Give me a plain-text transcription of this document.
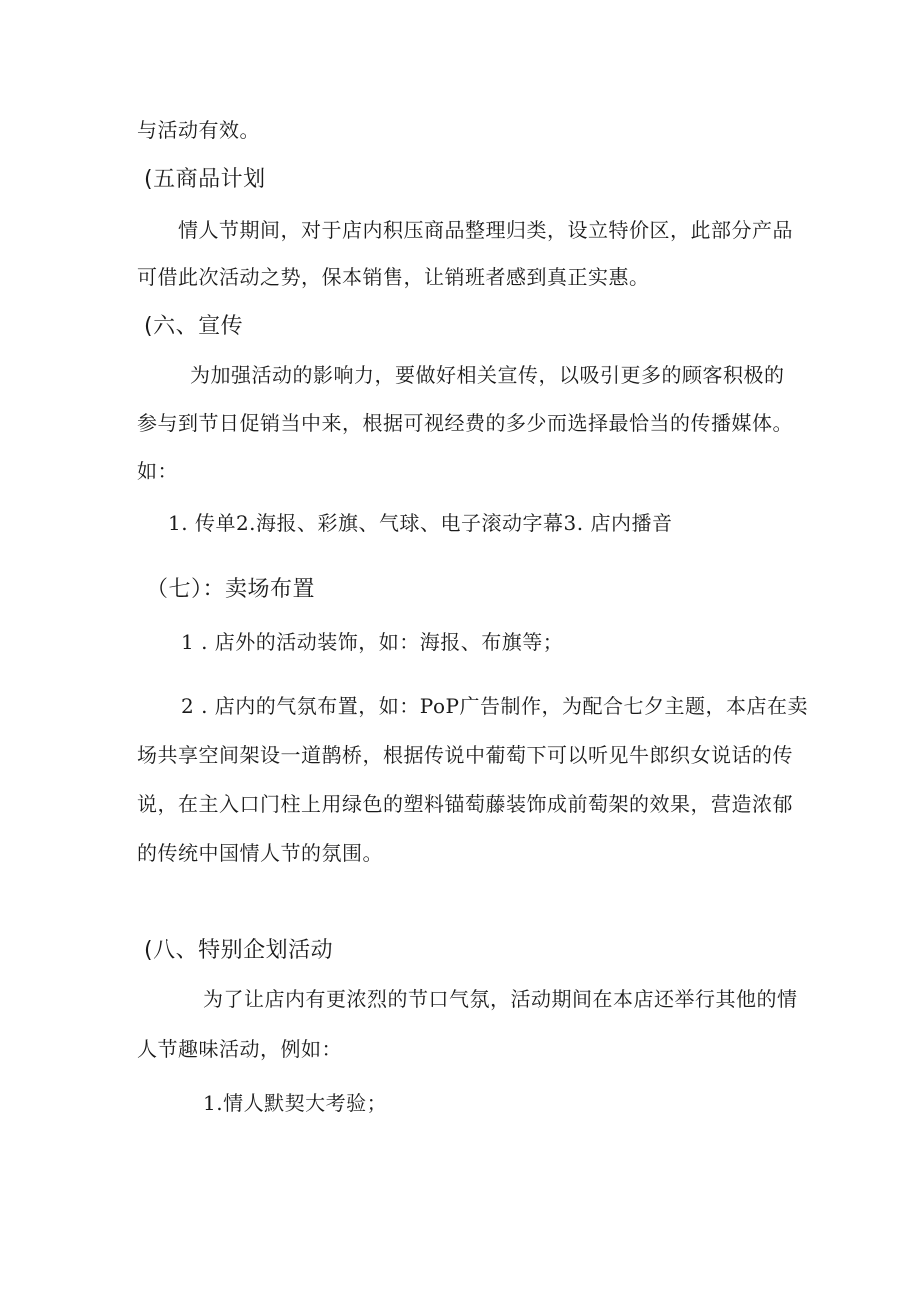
与活动有效。
(五商品计划
情人节期间，对于店内积压商品整理归类，设立特价区，此部分产品
可借此次活动之势，保本销售，让销班者感到真正实惠。
(六、宣传
为加强活动的影响力，要做好相关宣传，以吸引更多的顾客积极的
参与到节日促销当中来，根据可视经费的多少而选择最恰当的传播媒体。
如：
1. 传单2.海报、彩旗、气球、电子滚动字幕3. 店内播音
（七）：卖场布置
1 . 店外的活动装饰，如：海报、布旗等；
2 . 店内的气氛布置，如：PoP广告制作，为配合七夕主题，本店在卖
场共享空间架设一道鹊桥，根据传说中葡萄下可以听见牛郎织女说话的传
说，在主入口门柱上用绿色的塑料锚萄藤装饰成前萄架的效果，营造浓郁
的传统中国情人节的氛围。
(八、特别企划活动
为了让店内有更浓烈的节口气氛，活动期间在本店还举行其他的情
人节趣味活动，例如：
1.情人默契大考验；
